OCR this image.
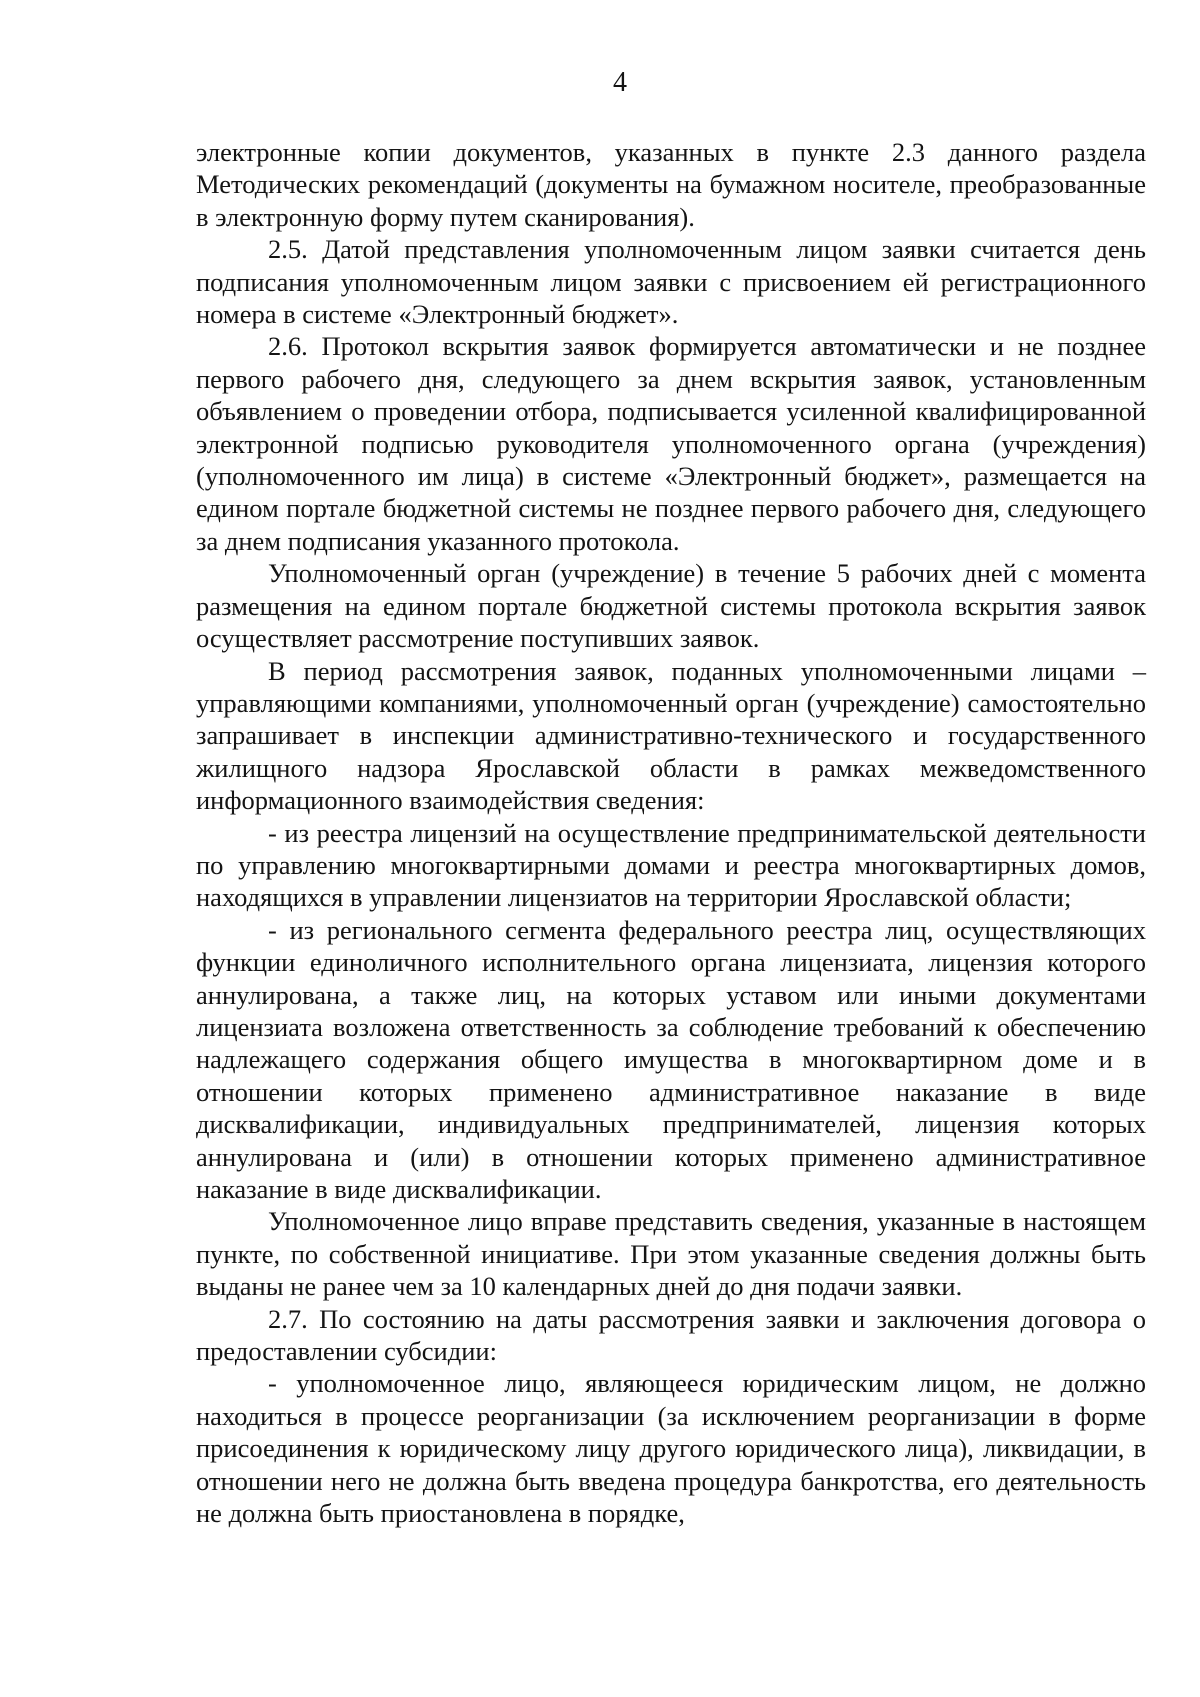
4

электронные копии документов, указанных в пункте 2.3 данного раздела Методических рекомендаций (документы на бумажном носителе, преобразованные в электронную форму путем сканирования).

2.5. Датой представления уполномоченным лицом заявки считается день подписания уполномоченным лицом заявки с присвоением ей регистрационного номера в системе «Электронный бюджет».

2.6. Протокол вскрытия заявок формируется автоматически и не позднее первого рабочего дня, следующего за днем вскрытия заявок, установленным объявлением о проведении отбора, подписывается усиленной квалифицированной электронной подписью руководителя уполномоченного органа (учреждения) (уполномоченного им лица) в системе «Электронный бюджет», размещается на едином портале бюджетной системы не позднее первого рабочего дня, следующего за днем подписания указанного протокола.

Уполномоченный орган (учреждение) в течение 5 рабочих дней с момента размещения на едином портале бюджетной системы протокола вскрытия заявок осуществляет рассмотрение поступивших заявок.

В период рассмотрения заявок, поданных уполномоченными лицами – управляющими компаниями, уполномоченный орган (учреждение) самостоятельно запрашивает в инспекции административно-технического и государственного жилищного надзора Ярославской области в рамках межведомственного информационного взаимодействия сведения:

- из реестра лицензий на осуществление предпринимательской деятельности по управлению многоквартирными домами и реестра многоквартирных домов, находящихся в управлении лицензиатов на территории Ярославской области;

- из регионального сегмента федерального реестра лиц, осуществляющих функции единоличного исполнительного органа лицензиата, лицензия которого аннулирована, а также лиц, на которых уставом или иными документами лицензиата возложена ответственность за соблюдение требований к обеспечению надлежащего содержания общего имущества в многоквартирном доме и в отношении которых применено административное наказание в виде дисквалификации, индивидуальных предпринимателей, лицензия которых аннулирована и (или) в отношении которых применено административное наказание в виде дисквалификации.

Уполномоченное лицо вправе представить сведения, указанные в настоящем пункте, по собственной инициативе. При этом указанные сведения должны быть выданы не ранее чем за 10 календарных дней до дня подачи заявки.

2.7. По состоянию на даты рассмотрения заявки и заключения договора о предоставлении субсидии:

- уполномоченное лицо, являющееся юридическим лицом, не должно находиться в процессе реорганизации (за исключением реорганизации в форме присоединения к юридическому лицу другого юридического лица), ликвидации, в отношении него не должна быть введена процедура банкротства, его деятельность не должна быть приостановлена в порядке,
